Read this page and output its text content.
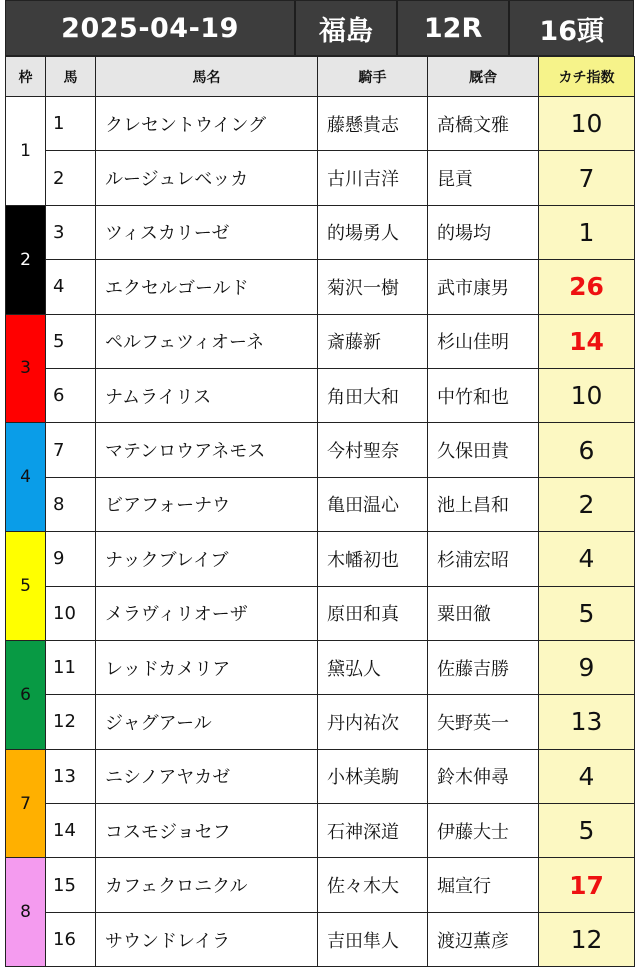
2025-04-19	福島	12R	16頭
枠	馬	馬名	騎手	厩舎	カチ指数
1	1	クレセントウイング	藤懸貴志	高橋文雅	10
	2	ルージュレベッカ	古川吉洋	昆貢	7
2	3	ツィスカリーゼ	的場勇人	的場均	1
	4	エクセルゴールド	菊沢一樹	武市康男	26
3	5	ペルフェツィオーネ	斎藤新	杉山佳明	14
	6	ナムライリス	角田大和	中竹和也	10
4	7	マテンロウアネモス	今村聖奈	久保田貴	6
	8	ビアフォーナウ	亀田温心	池上昌和	2
5	9	ナックブレイブ	木幡初也	杉浦宏昭	4
	10	メラヴィリオーザ	原田和真	粟田徹	5
6	11	レッドカメリア	黛弘人	佐藤吉勝	9
	12	ジャグアール	丹内祐次	矢野英一	13
7	13	ニシノアヤカゼ	小林美駒	鈴木伸尋	4
	14	コスモジョセフ	石神深道	伊藤大士	5
8	15	カフェクロニクル	佐々木大	堀宣行	17
	16	サウンドレイラ	吉田隼人	渡辺薫彦	12
